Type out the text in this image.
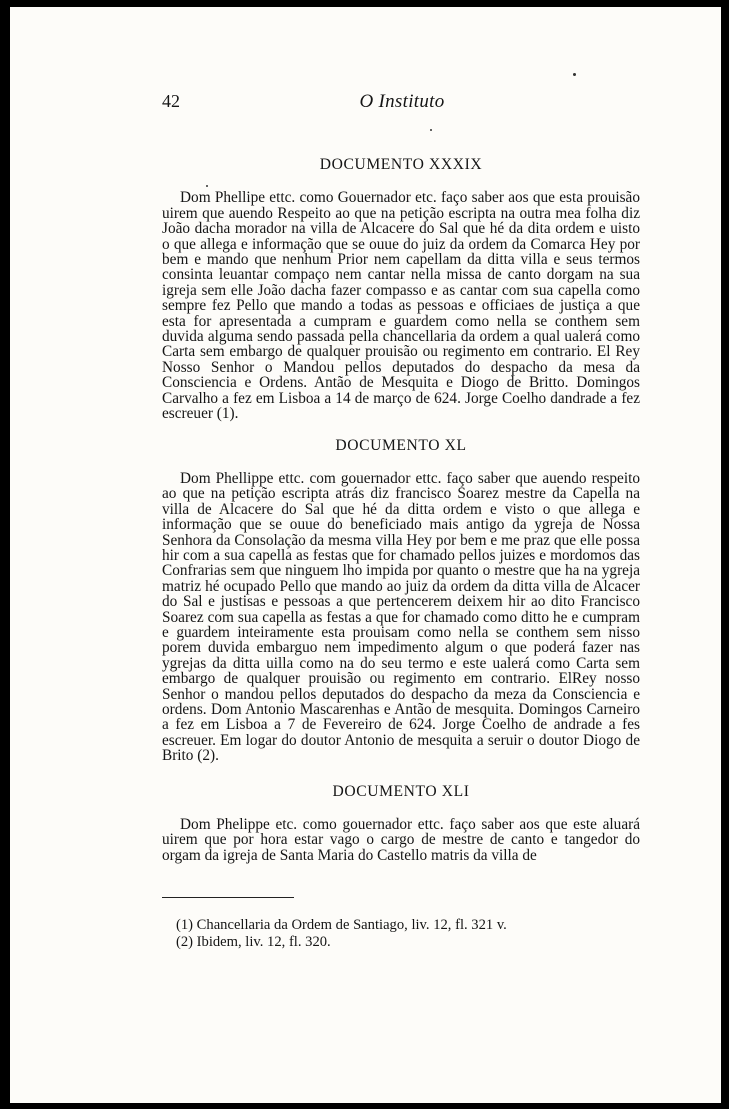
42	O Instituto
DOCUMENTO XXXIX

Dom Phellipe ettc. como Gouernador etc. faço saber aos que esta prouisão uirem que auendo Respeito ao que na petição escripta na outra mea folha diz João dacha morador na villa de Alcacere do Sal que hé da dita ordem e uisto o que allega e informação que se ouue do juiz da ordem da Comarca Hey por bem e mando que nenhum Prior nem capellam da ditta villa e seus termos consinta leuantar compaço nem cantar nella missa de canto dorgam na sua igreja sem elle João dacha fazer compasso e as cantar com sua capella como sempre fez Pello que mando a todas as pessoas e officiaes de justiça a que esta for apresentada a cumpram e guardem como nella se conthem sem duvida alguma sendo passada pella chancellaria da ordem a qual ualerá como Carta sem embargo de qualquer prouisão ou regimento em contrario. El Rey Nosso Senhor o Mandou pellos deputados do despacho da mesa da Consciencia e Ordens. Antão de Mesquita e Diogo de Britto. Domingos Carvalho a fez em Lisboa a 14 de março de 624. Jorge Coelho dandrade a fez escreuer (1).

DOCUMENTO XL

Dom Phellippe ettc. com gouernador ettc. faço saber que auendo respeito ao que na petição escripta atrás diz francisco Soarez mestre da Capella na villa de Alcacere do Sal que hé da ditta ordem e visto o que allega e informação que se ouue do beneficiado mais antigo da ygreja de Nossa Senhora da Consolação da mesma villa Hey por bem e me praz que elle possa hir com a sua capella as festas que for chamado pellos juizes e mordomos das Confrarias sem que ninguem lho impida por quanto o mestre que ha na ygreja matriz hé ocupado Pello que mando ao juiz da ordem da ditta villa de Alcacer do Sal e justisas e pessoas a que pertencerem deixem hir ao dito Francisco Soarez com sua capella as festas a que for chamado como ditto he e cumpram e guardem inteiramente esta prouisam como nella se conthem sem nisso porem duvida embarguo nem impedimento algum o que poderá fazer nas ygrejas da ditta uilla como na do seu termo e este ualerá como Carta sem embargo de qualquer prouisão ou regimento em contrario. ElRey nosso Senhor o mandou pellos deputados do despacho da meza da Consciencia e ordens. Dom Antonio Mascarenhas e Antão de mesquita. Domingos Carneiro a fez em Lisboa a 7 de Fevereiro de 624. Jorge Coelho de andrade a fes escreuer. Em logar do doutor Antonio de mesquita a seruir o doutor Diogo de Brito (2).

DOCUMENTO XLI

Dom Phelippe etc. como gouernador ettc. faço saber aos que este aluará uirem que por hora estar vago o cargo de mestre de canto e tangedor do orgam da igreja de Santa Maria do Castello matris da villa de

(1) Chancellaria da Ordem de Santiago, liv. 12, fl. 321 v.

(2) Ibidem, liv. 12, fl. 320.
